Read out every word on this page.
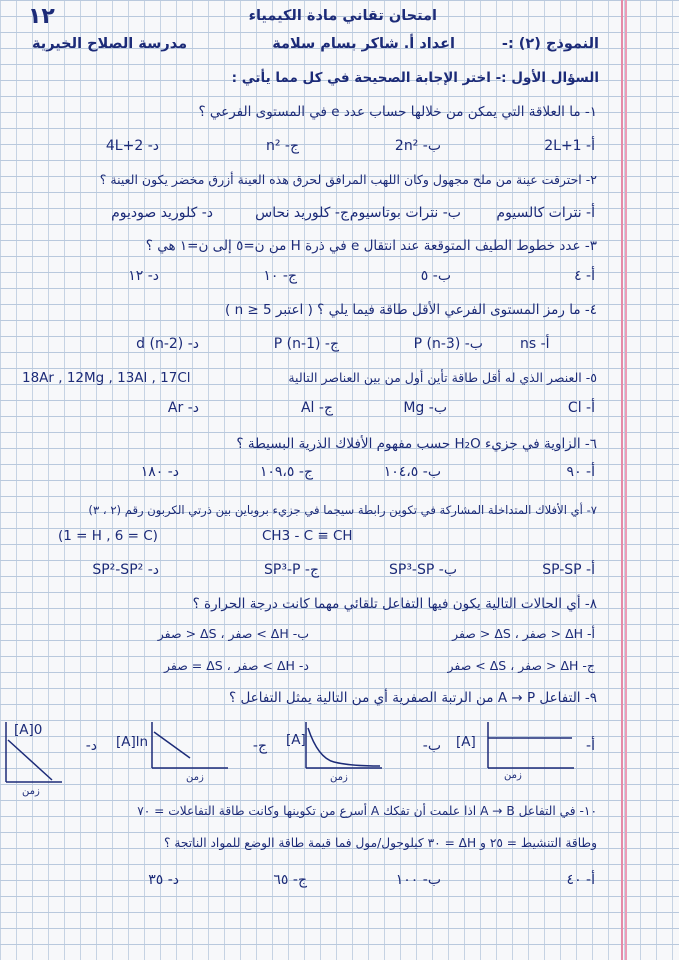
١٢	امتحان تقاني مادة الكيمياء
النموذج (٢) :-
اعداد أ. شاكر بسام سلامة
مدرسة الصلاح الخيرية
السؤال الأول :- اختر الإجابة الصحيحة في كل مما يأتي :
١- ما العلاقة التي يمكن من خلالها حساب عدد e في المستوى الفرعي ؟
أ- 2L+1
ب- 2n²
ج- n²
د- 4L+2
٢- احترقت عينة من ملح مجهول وكان اللهب المرافق لحرق هذه العينة أزرق مخضر يكون العينة ؟
أ- نترات كالسيوم
ب- نترات بوتاسيوم
ج- كلوريد نحاس
د- كلوريد صوديوم
٣- عدد خطوط الطيف المتوقعة عند انتقال e في ذرة H من ن=٥ إلى ن=١ هي ؟
أ- ٤
ب- ٥
ج- ١٠
د- ١٢
٤- ما رمز المستوى الفرعي الأقل طاقة فيما يلي ؟ ( اعتبر n ≥ 5 )
أ- ns
ب- (n-3) P
ج- (n-1) P
د- (n-2) d
٥- العنصر الذي له أقل طاقة تأين أول من بين العناصر التالية
18Ar , 12Mg , 13Al , 17Cl
أ- Cl
ب- Mg
ج- Al
د- Ar
٦- الزاوية في جزيء H₂O حسب مفهوم الأفلاك الذرية البسيطة ؟
أ- ٩٠
ب- ١٠٤،٥
ج- ١٠٩،٥
د- ١٨٠
٧- أي الأفلاك المتداخلة المشاركة في تكوين رابطة سيجما في جزيء بروباين بين ذرتي الكربون رقم (٢ ، ٣)
(1 = H , 6 = C)	CH3 - C ≡ CH
أ- SP-SP
ب- SP³-SP
ج- SP³-P
د- SP²-SP²
٨- أي الحالات التالية يكون فيها التفاعل تلقائي مهما كانت درجة الحرارة ؟
أ- ΔH < صفر ، ΔS < صفر
ب- ΔH > صفر ، ΔS < صفر
ج- ΔH < صفر ، ΔS > صفر
د- ΔH > صفر ، ΔS = صفر
٩- التفاعل A → P من الرتبة الصفرية أي من التالية يمثل التفاعل ؟
أ-
[A]
زمن
ب-
[A]
زمن
ج-
[A]ln
زمن
د-
[A]0
زمن
١٠- في التفاعل A → B اذا علمت أن تفكك A أسرع من تكوينها وكانت طاقة التفاعلات = ٧٠
وطاقة التنشيط = ٢٥ و ΔH = ٣٠ كيلوجول/مول فما قيمة طاقة الوضع للمواد الناتجة ؟
أ- ٤٠
ب- ١٠٠
ج- ٦٥
د- ٣٥
